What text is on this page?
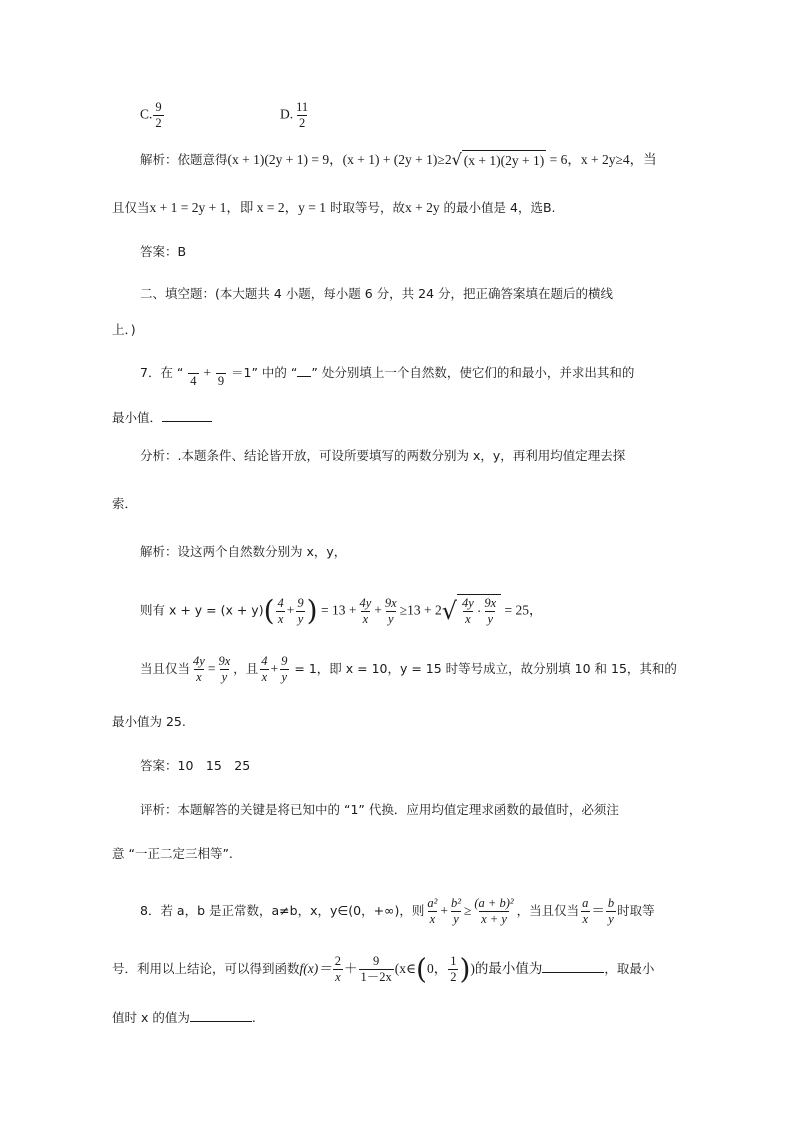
C. $\frac{9}{2}$	D. $\frac{11}{2}$
解析：依题意得(x + 1)(2y + 1) = 9，(x + 1) + (2y + 1)≥2 √ (x + 1)(2y + 1) = 6，x + 2y≥4，当
且仅当x + 1 = 2y + 1，即 x = 2，y = 1 时取等号，故x + 2y 的最小值是 4，选B.
答案：B
二、填空题：(本大题共 4 小题，每小题 6 分，共 24 分，把正确答案填在题后的横线
上．)
7．在 “
4
+
9
＝1” 中的 “ ” 处分别填上一个自然数，使它们的和最小，并求出其和的
最小值．
分析：.本题条件、结论皆开放，可设所要填写的两数分别为 x，y，再利用均值定理去探
索．
解析：设这两个自然数分别为 x，y，
则有 $x + y = (x + y)( \frac{4}{x} + \frac{9}{y}$ ) = $13 + \frac{4y}{x} + \frac{9x}{y} \ge 13 + 2$ √ $\frac{4y}{x} \cdot \frac{9x}{y} = 25$，
当且仅当 $\frac{4y}{x} = \frac{9x}{y}$ ，且 $\frac{4}{x} + \frac{9}{y} = 1$，即 x = 10，y = 15 时等号成立，故分别填 10 和 15，其和的
最小值为 25.
答案：10　15　25
评析：本题解答的关键是将已知中的 “1” 代换．应用均值定理求函数的最值时，必须注
意 “一正二定三相等”.
8．若 a，b 是正常数，a≠b，x，y∈(0，+∞)，则 $\frac{\text{a²}}{x} + \frac{\text{b²}}{y} \ge \frac{\text{(a + b)²}}{x + y}$ ，当且仅当 $\frac{a}{x} = \frac{b}{y}$ 时取等
号．利用以上结论，可以得到函数$f(x)= \frac{2}{x} + \frac{9}{1-2x}$ (x∈(0， $\frac{1}{2}$ ))的最小值为	，取最小
值时 x 的值为	.
